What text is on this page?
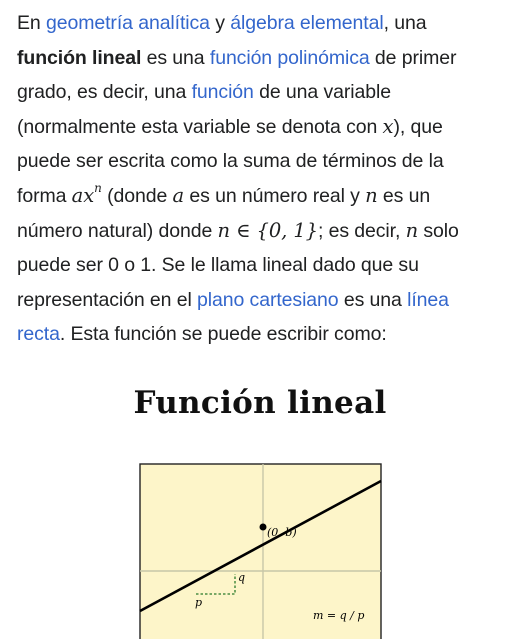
En geometría analítica y álgebra elemental, una
función lineal es una función polinómica de primer
grado, es decir, una función de una variable
(normalmente esta variable se denota con x), que
puede ser escrita como la suma de términos de la
forma $ax^n$ (donde a es un número real y n es un
número natural) donde n ∈ {0, 1}; es decir, n solo
puede ser 0 o 1. Se le llama lineal dado que su
representación en el plano cartesiano es una línea
recta. Esta función se puede escribir como:
Función lineal
(0, b)
q
p
m = q / p
